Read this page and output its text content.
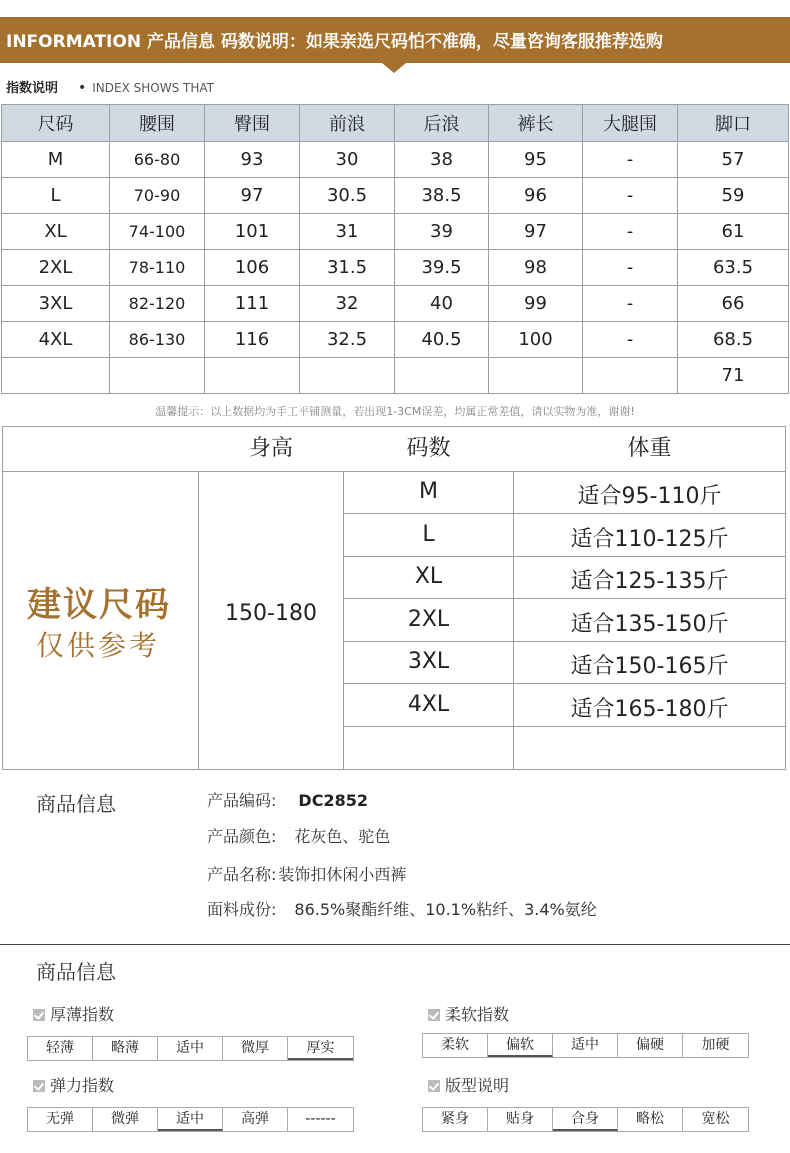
INFORMATION 产品信息 码数说明：如果亲选尺码怕不准确，尽量咨询客服推荐选购
指数说明	• INDEX SHOWS THAT
尺码	腰围	臀围	前浪	后浪	裤长	大腿围	脚口
M	66-80	93	30	38	95	-	57
L	70-90	97	30.5	38.5	96	-	59
XL	74-100	101	31	39	97	-	61
2XL	78-110	106	31.5	39.5	98	-	63.5
3XL	82-120	111	32	40	99	-	66
4XL	86-130	116	32.5	40.5	100	-	68.5
							71
温馨提示：以上数据均为手工平铺测量，若出现1-3CM误差，均属正常差值，请以实物为准，谢谢!
身高	码数	体重
建议尺码
仅供参考
150-180
M	适合95-110斤
L	适合110-125斤
XL	适合125-135斤
2XL	适合135-150斤
3XL	适合150-165斤
4XL	适合165-180斤
商品信息	产品编码: DC2852
产品颜色: 花灰色、驼色
产品名称: 装饰扣休闲小西裤
面料成份: 86.5%聚酯纤维、10.1%粘纤、3.4%氨纶
商品信息
厚薄指数
轻薄	略薄	适中	微厚	厚实
柔软指数
柔软	偏软	适中	偏硬	加硬
弹力指数
无弹	微弹	适中	高弹	------
版型说明
紧身	贴身	合身	略松	宽松
